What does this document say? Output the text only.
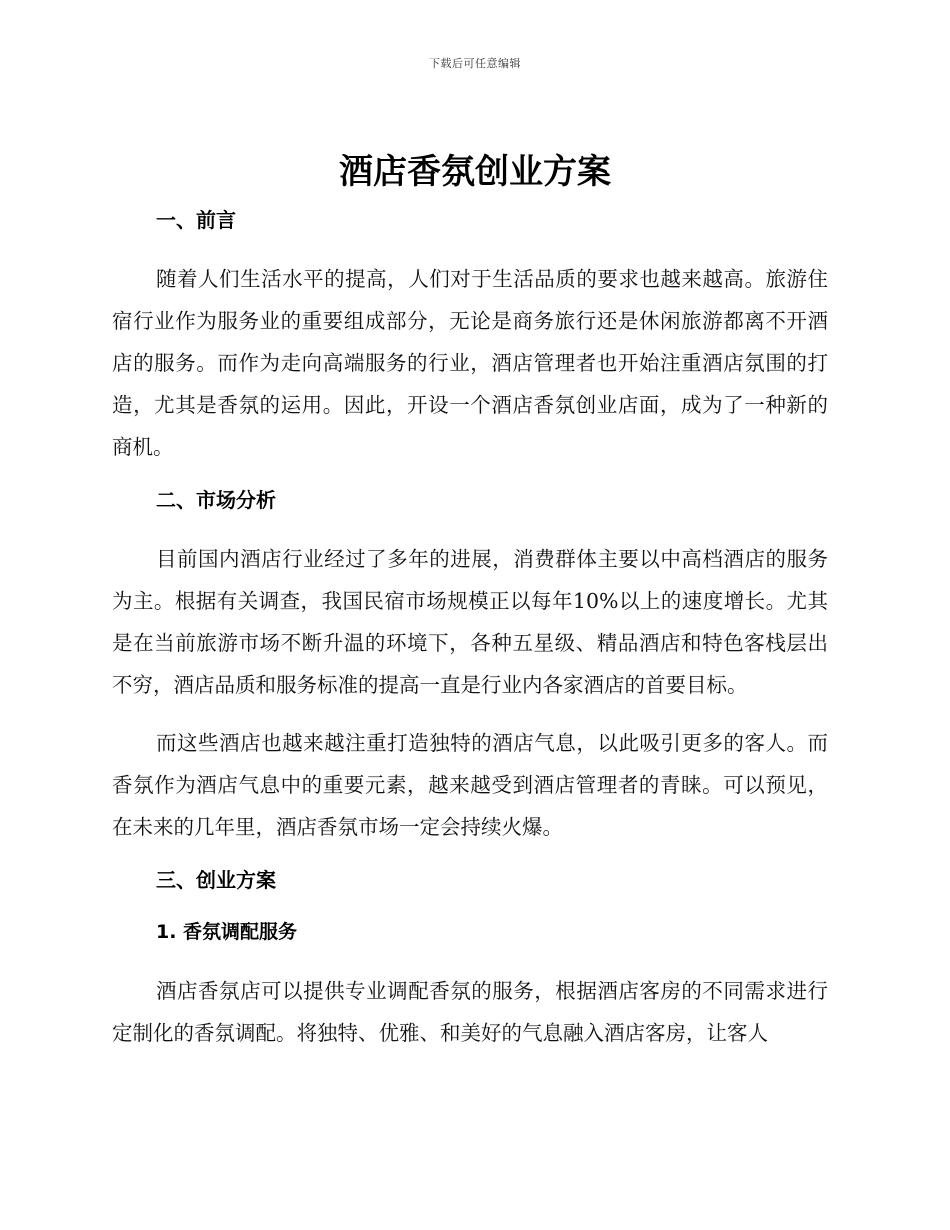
下载后可任意编辑
酒店香氛创业方案
一、前言

随着人们生活水平的提高，人们对于生活品质的要求也越来越高。旅游住宿行业作为服务业的重要组成部分，无论是商务旅行还是休闲旅游都离不开酒店的服务。而作为走向高端服务的行业，酒店管理者也开始注重酒店氛围的打造，尤其是香氛的运用。因此，开设一个酒店香氛创业店面，成为了一种新的商机。

二、市场分析

目前国内酒店行业经过了多年的进展，消费群体主要以中高档酒店的服务为主。根据有关调查，我国民宿市场规模正以每年10%以上的速度增长。尤其是在当前旅游市场不断升温的环境下，各种五星级、精品酒店和特色客栈层出不穷，酒店品质和服务标准的提高一直是行业内各家酒店的首要目标。

而这些酒店也越来越注重打造独特的酒店气息，以此吸引更多的客人。而香氛作为酒店气息中的重要元素，越来越受到酒店管理者的青睐。可以预见，在未来的几年里，酒店香氛市场一定会持续火爆。

三、创业方案
1. 香氛调配服务

酒店香氛店可以提供专业调配香氛的服务，根据酒店客房的不同需求进行定制化的香氛调配。将独特、优雅、和美好的气息融入酒店客房，让客人
